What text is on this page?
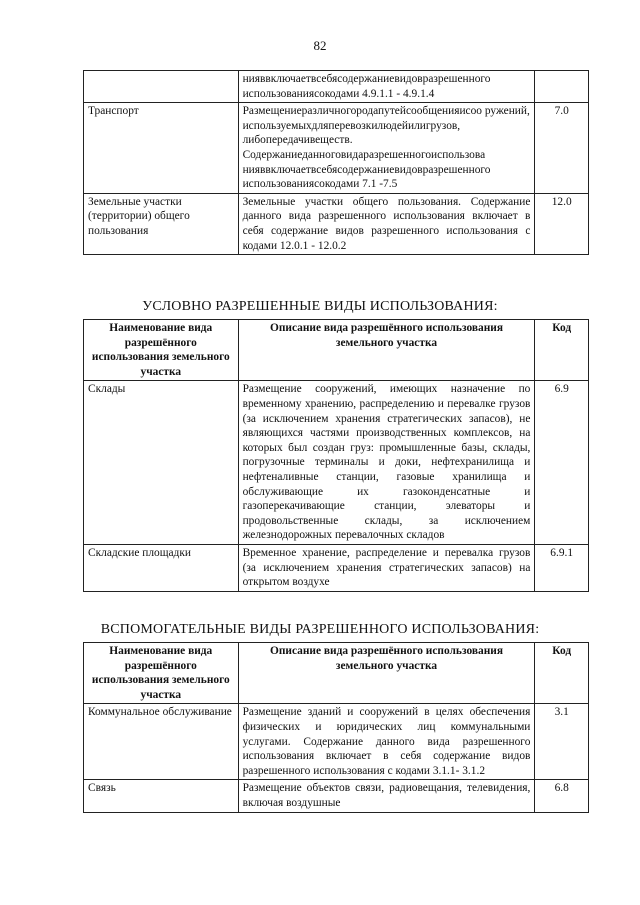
82
	нияввключаетвсебясодержаниевидовразрешенного использованиясокодами 4.9.1.1 - 4.9.1.4	
Транспорт	Размещениеразличногородапутейсообщенияисоо ружений, используемыхдляперевозкилюдейилигрузов, либопередачивеществ. Содержаниеданноговидаразрешенногоиспользова нияввключаетвсебясодержаниевидовразрешенного использованиясокодами 7.1 -7.5	7.0
Земельные участки (территории) общего пользования	Земельные участки общего пользования. Содержание данного вида разрешенного использования включает в себя содержание видов разрешенного использования с кодами 12.0.1 - 12.0.2	12.0
УСЛОВНО РАЗРЕШЕННЫЕ ВИДЫ ИСПОЛЬЗОВАНИЯ:
Наименование вида разрешённого использования земельного участка	Описание вида разрешённого использования земельного участка	Код
Склады	Размещение сооружений, имеющих назначение по временному хранению, распределению и перевалке грузов (за исключением хранения стратегических запасов), не являющихся частями производственных комплексов, на которых был создан груз: промышленные базы, склады, погрузочные терминалы и доки, нефтехранилища и нефтеналивные станции, газовые хранилища и обслуживающие их газоконденсатные и газоперекачивающие станции, элеваторы и продовольственные склады, за исключением железнодорожных перевалочных складов	6.9
Складские площадки	Временное хранение, распределение и перевалка грузов (за исключением хранения стратегических запасов) на открытом воздухе	6.9.1
ВСПОМОГАТЕЛЬНЫЕ ВИДЫ РАЗРЕШЕННОГО ИСПОЛЬЗОВАНИЯ:
Наименование вида разрешённого использования земельного участка	Описание вида разрешённого использования земельного участка	Код
Коммунальное обслуживание	Размещение зданий и сооружений в целях обеспечения физических и юридических лиц коммунальными услугами. Содержание данного вида разрешенного использования включает в себя содержание видов разрешенного использования с кодами 3.1.1- 3.1.2	3.1
Связь	Размещение объектов связи, радиовещания, телевидения, включая воздушные	6.8
